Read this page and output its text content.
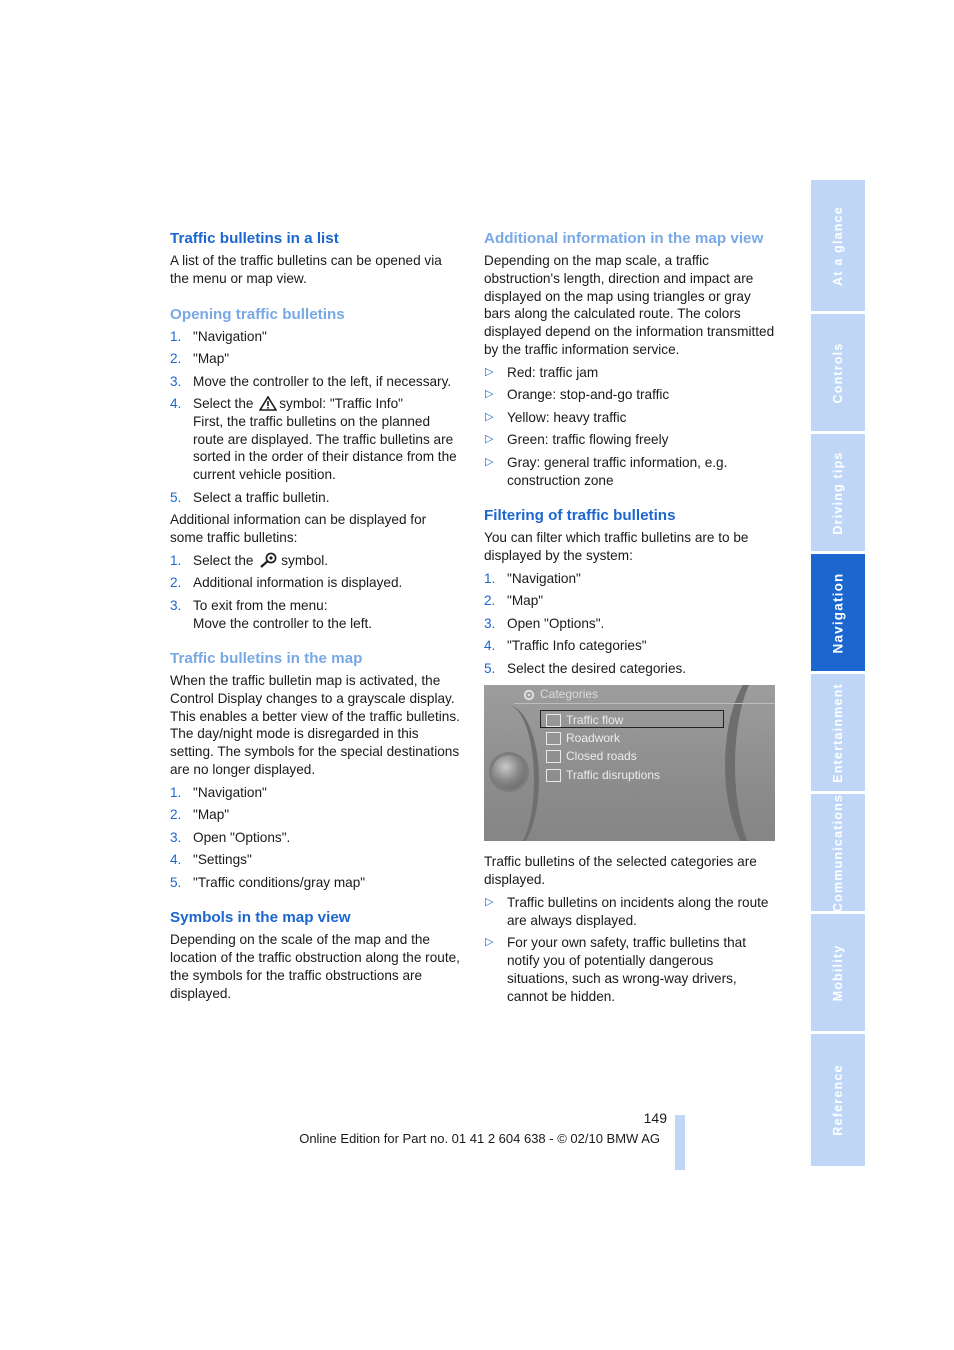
Traffic bulletins in a list

A list of the traffic bulletins can be opened via the menu or map view.

Opening traffic bulletins
1. "Navigation"
2. "Map"
3. Move the controller to the left, if necessary.
4. Select the symbol: "Traffic Info"
First, the traffic bulletins on the planned route are displayed. The traffic bulletins are sorted in the order of their distance from the current vehicle position.
5. Select a traffic bulletin.

Additional information can be displayed for some traffic bulletins:

1. Select the symbol.
2. Additional information is displayed.
3. To exit from the menu:
Move the controller to the left.
Traffic bulletins in the map

When the traffic bulletin map is activated, the Control Display changes to a grayscale display. This enables a better view of the traffic bulletins. The day/night mode is disregarded in this setting. The symbols for the special destinations are no longer displayed.

1. "Navigation"
2. "Map"
3. Open "Options".
4. "Settings"
5. "Traffic conditions/gray map"
Symbols in the map view

Depending on the scale of the map and the location of the traffic obstruction along the route, the symbols for the traffic obstructions are displayed.

Additional information in the map view

Depending on the map scale, a traffic obstruction's length, direction and impact are displayed on the map using triangles or gray bars along the calculated route. The colors displayed depend on the information transmitted by the traffic information service.

▷ Red: traffic jam
▷ Orange: stop-and-go traffic
▷ Yellow: heavy traffic
▷ Green: traffic flowing freely
▷ Gray: general traffic information, e.g. construction zone
Filtering of traffic bulletins

You can filter which traffic bulletins are to be displayed by the system:

1. "Navigation"
2. "Map"
3. Open "Options".
4. "Traffic Info categories"
5. Select the desired categories.
Categories
Traffic flow
Roadwork
Closed roads
Traffic disruptions

Traffic bulletins of the selected categories are displayed.

▷ Traffic bulletins on incidents along the route are always displayed.
▷ For your own safety, traffic bulletins that notify you of potentially dangerous situations, such as wrong-way drivers, cannot be hidden.
At a glance
Controls
Driving tips
Navigation
Entertainment
Communications
Mobility
Reference
149
Online Edition for Part no. 01 41 2 604 638 - © 02/10 BMW AG
